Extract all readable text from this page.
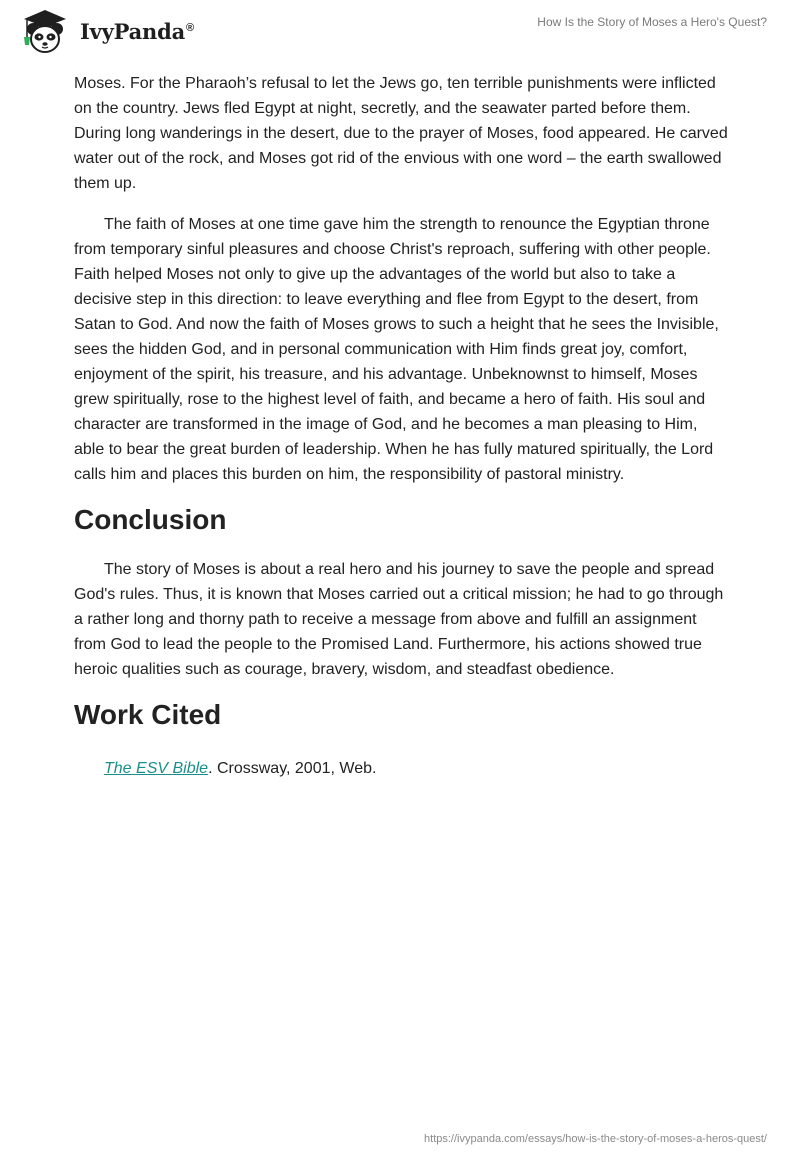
IvyPanda®	How Is the Story of Moses a Hero's Quest?

Moses. For the Pharaoh’s refusal to let the Jews go, ten terrible punishments were inflicted on the country. Jews fled Egypt at night, secretly, and the seawater parted before them. During long wanderings in the desert, due to the prayer of Moses, food appeared. He carved water out of the rock, and Moses got rid of the envious with one word – the earth swallowed them up.

The faith of Moses at one time gave him the strength to renounce the Egyptian throne from temporary sinful pleasures and choose Christ's reproach, suffering with other people. Faith helped Moses not only to give up the advantages of the world but also to take a decisive step in this direction: to leave everything and flee from Egypt to the desert, from Satan to God. And now the faith of Moses grows to such a height that he sees the Invisible, sees the hidden God, and in personal communication with Him finds great joy, comfort, enjoyment of the spirit, his treasure, and his advantage. Unbeknownst to himself, Moses grew spiritually, rose to the highest level of faith, and became a hero of faith. His soul and character are transformed in the image of God, and he becomes a man pleasing to Him, able to bear the great burden of leadership. When he has fully matured spiritually, the Lord calls him and places this burden on him, the responsibility of pastoral ministry.

Conclusion

The story of Moses is about a real hero and his journey to save the people and spread God's rules. Thus, it is known that Moses carried out a critical mission; he had to go through a rather long and thorny path to receive a message from above and fulfill an assignment from God to lead the people to the Promised Land. Furthermore, his actions showed true heroic qualities such as courage, bravery, wisdom, and steadfast obedience.

Work Cited

The ESV Bible. Crossway, 2001, Web.

https://ivypanda.com/essays/how-is-the-story-of-moses-a-heros-quest/
